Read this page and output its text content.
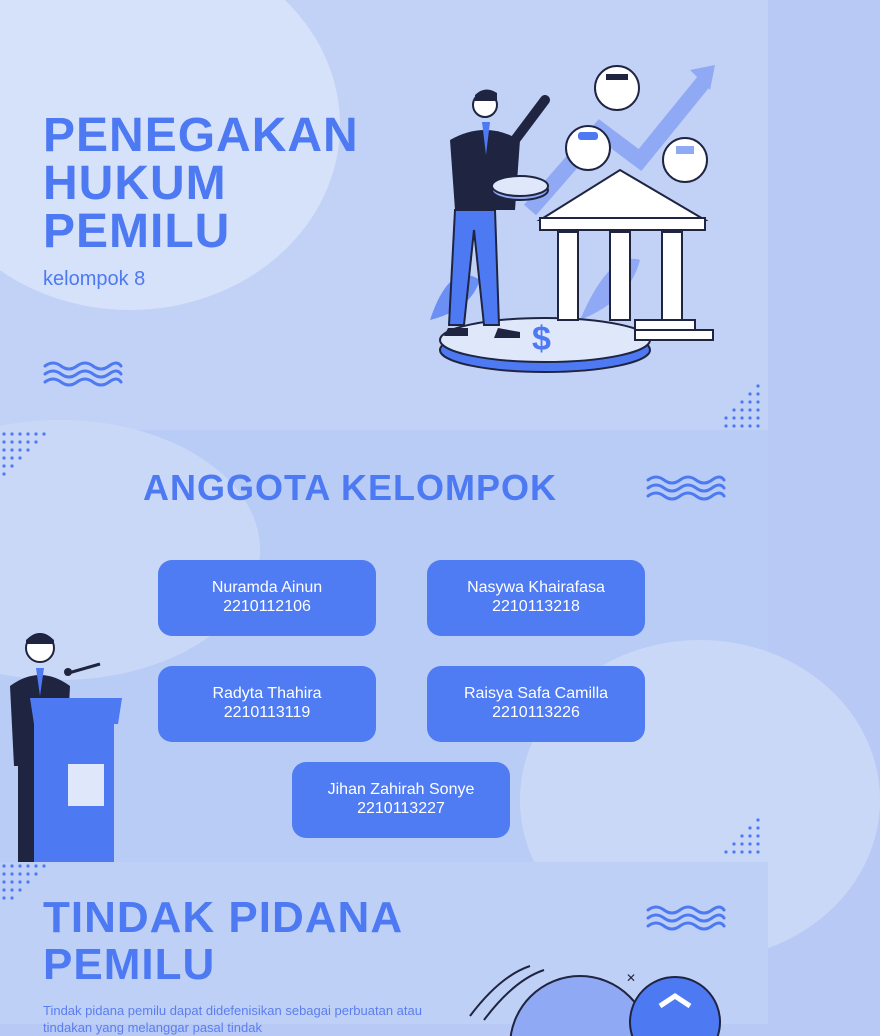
PENEGAKAN
HUKUM
PEMILU
kelompok 8
$
ANGGOTA KELOMPOK
Nuramda Ainun
2210112106
Nasywa Khairafasa
2210113218
Radyta Thahira
2210113119
Raisya Safa Camilla
2210113226
Jihan Zahirah Sonye
2210113227
TINDAK PIDANA
PEMILU
Tindak pidana pemilu dapat didefenisikan sebagai perbuatan atau tindakan yang melanggar pasal tindak
✕
